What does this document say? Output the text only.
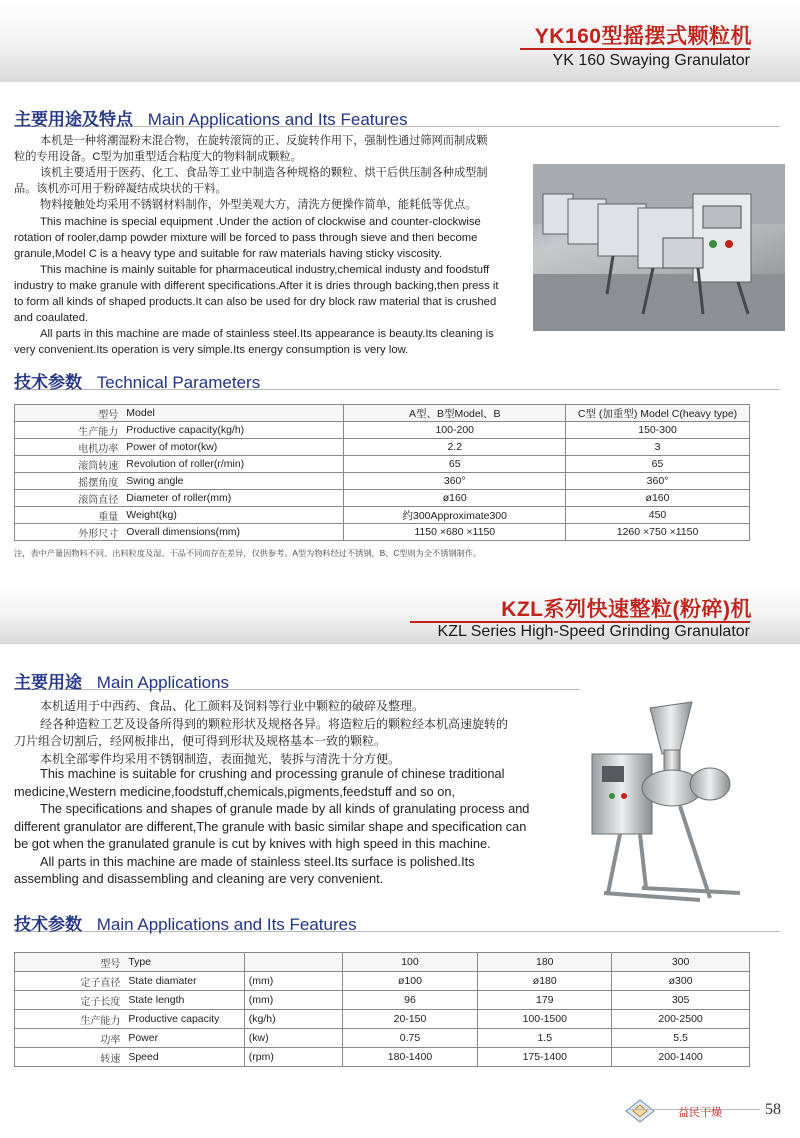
YK160型摇摆式颗粒机
YK 160 Swaying Granulator
主要用途及特点 Main Applications and Its Features
本机是一种将潮湿粉末混合物，在旋转滚筒的正、反旋转作用下，强制性通过筛网而制成颗
粒的专用设备。C型为加重型适合粘度大的物料制成颗粒。
该机主要适用于医药、化工、食品等工业中制造各种规格的颗粒、烘干后供压制各种成型制
品。该机亦可用于粉碎凝结成块状的干料。
物料接触处均采用不锈钢材料制作，外型美观大方，清洗方便操作简单，能耗低等优点。
This machine is special equipment .Under the action of clockwise and counter-clockwise
rotation of rooler,damp powder mixture will be forced to pass through sieve and then become
granule,Model C is a heavy type and suitable for raw materials having sticky viscosity.
This machine is mainly suitable for pharmaceutical industry,chemical industy and foodstuff
industry to make granule with different specifications.After it is dries through backing,then press it
to form all kinds of shaped products.It can also be used for dry block raw material that is crushed
and coaulated.
All parts in this machine are made of stainless steel.Its appearance is beauty.Its cleaning is
very convenient.Its operation is very simple.Its energy consumption is very low.
技术参数 Technical Parameters
型号	Model	A型、B型Model、B	C型 (加重型) Model C(heavy type)
生产能力	Productive capacity(kg/h)	100-200	150-300
电机功率	Power of motor(kw)	2.2	3
滚筒转速	Revolution of roller(r/min)	65	65
摇摆角度	Swing angle	360°	360°
滚筒直径	Diameter of roller(mm)	ø160	ø160
重量	Weight(kg)	约300Approximate300	450
外形尺寸	Overall dimensions(mm)	1150 ×680 ×1150	1260 ×750 ×1150
注，表中产量因物料不同、出料粒度及湿、干品不同而存在差异，仅供参考。A型为物料经过不锈钢，B、C型则为全不锈钢制作。
KZL系列快速整粒(粉碎)机
KZL Series High-Speed Grinding Granulator
主要用途 Main Applications
本机适用于中西药、食品、化工颜料及饲料等行业中颗粒的破碎及整理。
经各种造粒工艺及设备所得到的颗粒形状及规格各异。将造粒后的颗粒经本机高速旋转的
刀片组合切割后，经网板排出，便可得到形状及规格基本一致的颗粒。
本机全部零件均采用不锈钢制造，表面抛光，装拆与清洗十分方便。
This machine is suitable for crushing and processing granule of chinese traditional
medicine,Western medicine,foodstuff,chemicals,pigments,feedstuff and so on,
The specifications and shapes of granule made by all kinds of granulating process and
different granulator are different,The granule with basic similar shape and specification can
be got when the granulated granule is cut by knives with high speed in this machine.
All parts in this machine are made of stainless steel.Its surface is polished.Its
assembling and disassembling and cleaning are very convenient.
技术参数 Main Applications and Its Features
型号	Type		100	180	300
定子直径	State diamater	(mm)	ø100	ø180	ø300
定子长度	State length	(mm)	96	179	305
生产能力	Productive capacity	(kg/h)	20-150	100-1500	200-2500
功率	Power	(kw)	0.75	1.5	5.5
转速	Speed	(rpm)	180-1400	175-1400	200-1400
益民干燥	58
